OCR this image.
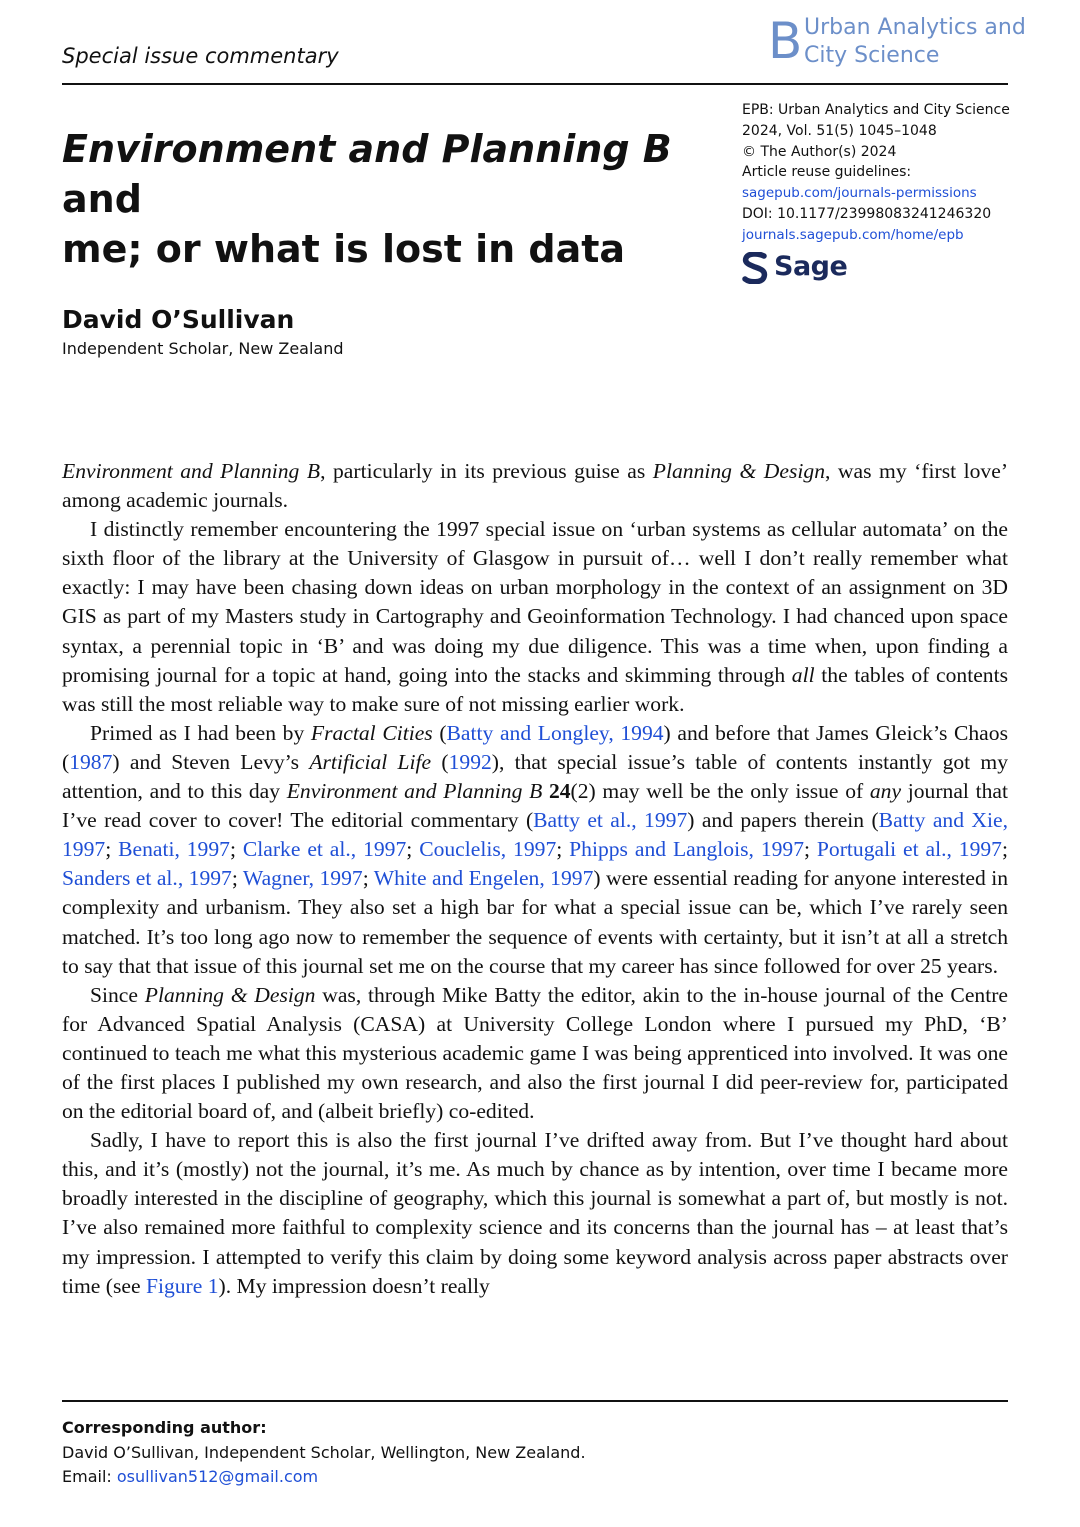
Special issue commentary	B Urban Analytics and
City Science
Environment and Planning B and
me; or what is lost in data
EPB: Urban Analytics and City Science
2024, Vol. 51(5) 1045–1048
© The Author(s) 2024
Article reuse guidelines:
sagepub.com/journals-permissions
DOI: 10.1177/23998083241246320
journals.sagepub.com/home/epb
Sage
David O’Sullivan
Independent Scholar, New Zealand

Environment and Planning B, particularly in its previous guise as Planning & Design, was my ‘first love’ among academic journals.

I distinctly remember encountering the 1997 special issue on ‘urban systems as cellular automata’ on the sixth floor of the library at the University of Glasgow in pursuit of… well I don’t really remember what exactly: I may have been chasing down ideas on urban morphology in the context of an assignment on 3D GIS as part of my Masters study in Cartography and Geoinformation Technology. I had chanced upon space syntax, a perennial topic in ‘B’ and was doing my due diligence. This was a time when, upon finding a promising journal for a topic at hand, going into the stacks and skimming through all the tables of contents was still the most reliable way to make sure of not missing earlier work.

Primed as I had been by Fractal Cities (Batty and Longley, 1994) and before that James Gleick’s Chaos (1987) and Steven Levy’s Artificial Life (1992), that special issue’s table of contents instantly got my attention, and to this day Environment and Planning B 24(2) may well be the only issue of any journal that I’ve read cover to cover! The editorial commentary (Batty et al., 1997) and papers therein (Batty and Xie, 1997; Benati, 1997; Clarke et al., 1997; Couclelis, 1997; Phipps and Langlois, 1997; Portugali et al., 1997; Sanders et al., 1997; Wagner, 1997; White and Engelen, 1997) were essential reading for anyone interested in complexity and urbanism. They also set a high bar for what a special issue can be, which I’ve rarely seen matched. It’s too long ago now to remember the sequence of events with certainty, but it isn’t at all a stretch to say that that issue of this journal set me on the course that my career has since followed for over 25 years.

Since Planning & Design was, through Mike Batty the editor, akin to the in-house journal of the Centre for Advanced Spatial Analysis (CASA) at University College London where I pursued my PhD, ‘B’ continued to teach me what this mysterious academic game I was being apprenticed into involved. It was one of the first places I published my own research, and also the first journal I did peer-review for, participated on the editorial board of, and (albeit briefly) co-edited.

Sadly, I have to report this is also the first journal I’ve drifted away from. But I’ve thought hard about this, and it’s (mostly) not the journal, it’s me. As much by chance as by intention, over time I became more broadly interested in the discipline of geography, which this journal is somewhat a part of, but mostly is not. I’ve also remained more faithful to complexity science and its concerns than the journal has – at least that’s my impression. I attempted to verify this claim by doing some keyword analysis across paper abstracts over time (see Figure 1). My impression doesn’t really

Corresponding author:
David O’Sullivan, Independent Scholar, Wellington, New Zealand.
Email: osullivan512@gmail.com
